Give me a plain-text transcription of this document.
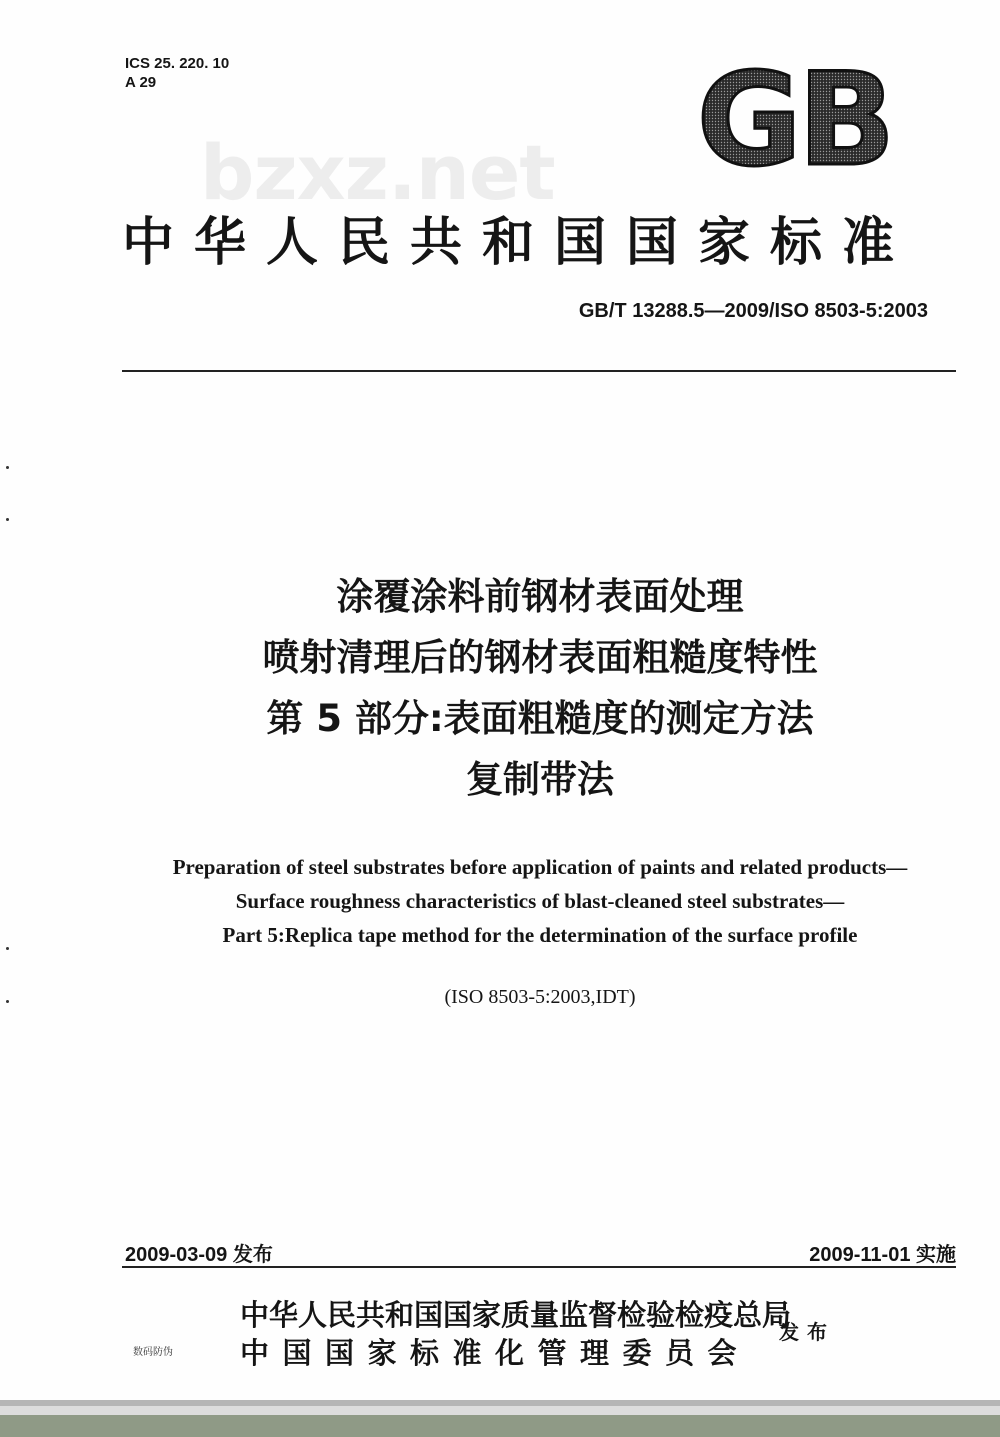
ICS 25. 220. 10
A 29
bzxz.net GB
中华人民共和国国家标准
GB/T 13288.5—2009/ISO 8503-5:2003
涂覆涂料前钢材表面处理
喷射清理后的钢材表面粗糙度特性
第 5 部分:表面粗糙度的测定方法
复制带法
Preparation of steel substrates before application of paints and related products—
Surface roughness characteristics of blast-cleaned steel substrates—
Part 5:Replica tape method for the determination of the surface profile
(ISO 8503-5:2003,IDT)
2009-03-09 发布	2009-11-01 实施
中华人民共和国国家质量监督检验检疫总局
中国国家标准化管理委员会
发布
数码防伪
